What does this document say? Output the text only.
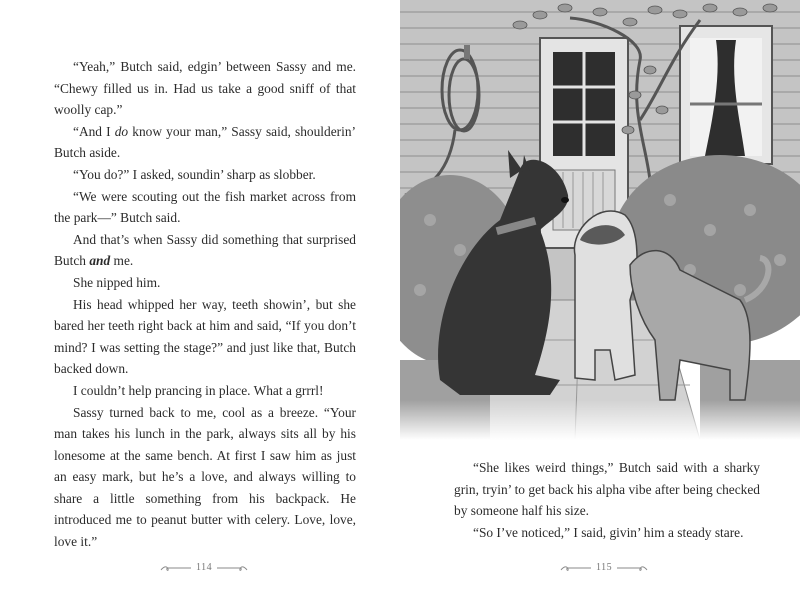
“Yeah,” Butch said, edgin’ between Sassy and me. “Chewy filled us in. Had us take a good sniff of that woolly cap.”

“And I do know your man,” Sassy said, shoulderin’ Butch aside.

“You do?” I asked, soundin’ sharp as slobber.

“We were scouting out the fish market across from the park—” Butch said.

And that’s when Sassy did something that surprised Butch and me.

She nipped him.

His head whipped her way, teeth showin’, but she bared her teeth right back at him and said, “If you don’t mind? I was setting the stage?” and just like that, Butch backed down.

I couldn’t help prancing in place. What a grrrl!

Sassy turned back to me, cool as a breeze. “Your man takes his lunch in the park, always sits all by his lonesome at the same bench. At first I saw him as just an easy mark, but he’s a love, and always willing to share a little something from his backpack. He introduced me to peanut butter with celery. Love, love, love it.”

114

“She likes weird things,” Butch said with a sharky grin, tryin’ to get back his alpha vibe after being checked by someone half his size.

“So I’ve noticed,” I said, givin’ him a steady stare.

115
